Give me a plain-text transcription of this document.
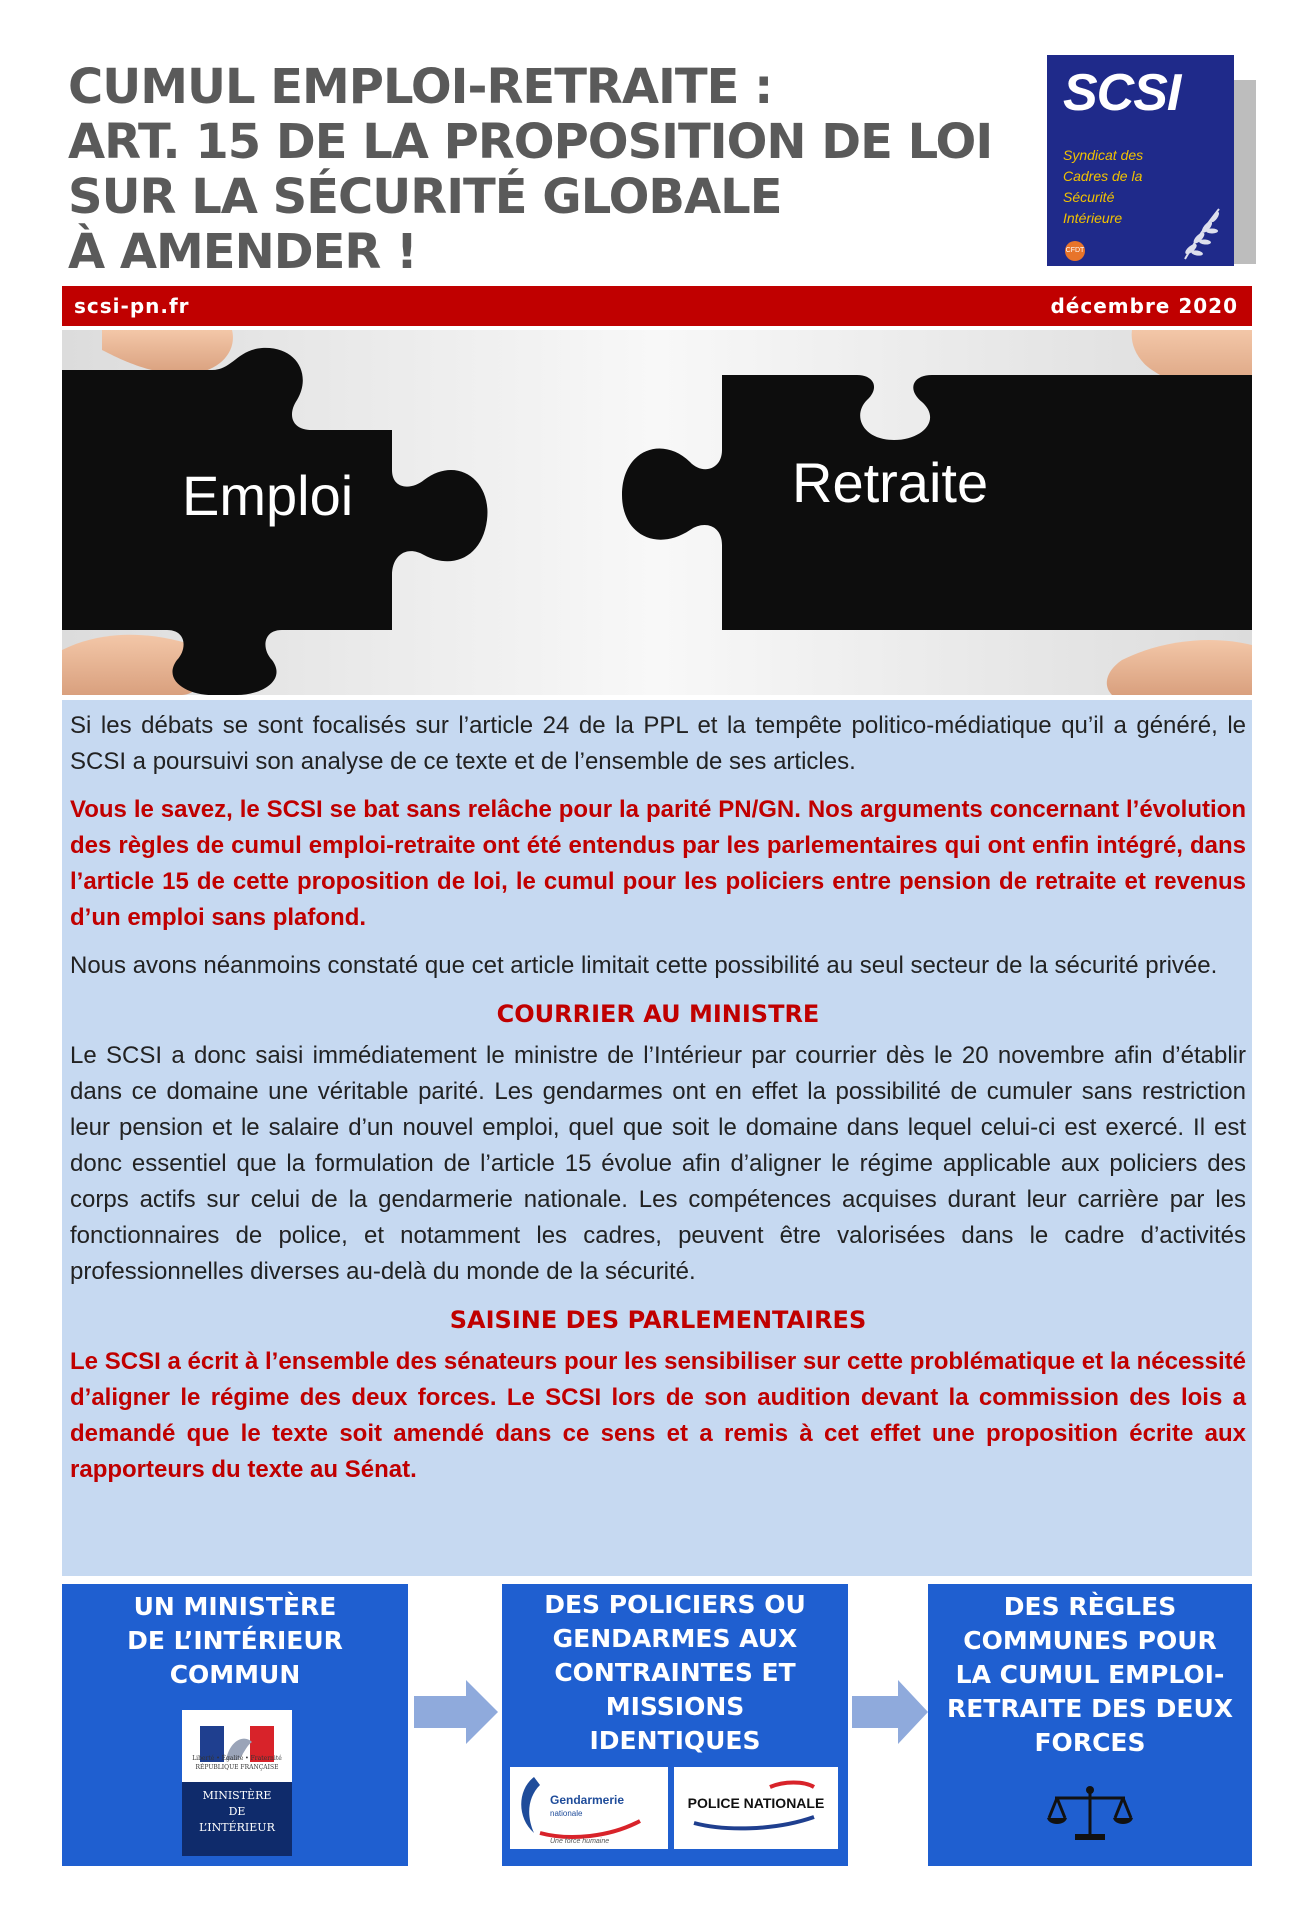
CUMUL EMPLOI-RETRAITE :
ART. 15 DE LA PROPOSITION DE LOI
SUR LA SÉCURITÉ GLOBALE
À AMENDER !
SCSI
Syndicat des
Cadres de la
Sécurité
Intérieure
CFDT
scsi-pn.fr	décembre 2020
Emploi	Retraite

Si les débats se sont focalisés sur l’article 24 de la PPL et la tempête politico-médiatique qu’il a généré, le SCSI a poursuivi son analyse de ce texte et de l’ensemble de ses articles.

Vous le savez, le SCSI se bat sans relâche pour la parité PN/GN. Nos arguments concernant l’évolution des règles de cumul emploi-retraite ont été entendus par les parlementaires qui ont enfin intégré, dans l’article 15 de cette proposition de loi, le cumul pour les policiers entre pension de retraite et revenus d’un emploi sans plafond.

Nous avons néanmoins constaté que cet article limitait cette possibilité au seul secteur de la sécurité privée.

COURRIER AU MINISTRE

Le SCSI a donc saisi immédiatement le ministre de l’Intérieur par courrier dès le 20 novembre afin d’établir dans ce domaine une véritable parité. Les gendarmes ont en effet la possibilité de cumuler sans restriction leur pension et le salaire d’un nouvel emploi, quel que soit le domaine dans lequel celui-ci est exercé. Il est donc essentiel que la formulation de l’article 15 évolue afin d’aligner le régime applicable aux policiers des corps actifs sur celui de la gendarmerie nationale. Les compétences acquises durant leur carrière par les fonctionnaires de police, et notamment les cadres, peuvent être valorisées dans le cadre d’activités professionnelles diverses au-delà du monde de la sécurité.

SAISINE DES PARLEMENTAIRES

Le SCSI a écrit à l’ensemble des sénateurs pour les sensibiliser sur cette problématique et la nécessité d’aligner le régime des deux forces. Le SCSI lors de son audition devant la commission des lois a demandé que le texte soit amendé dans ce sens et a remis à cet effet une proposition écrite aux rapporteurs du texte au Sénat.

UN MINISTÈRE
DE L’INTÉRIEUR
COMMUN
Liberté • Égalité • Fraternité
RÉPUBLIQUE FRANÇAISE
MINISTÈRE
DE
L’INTÉRIEUR
DES POLICIERS OU
GENDARMES AUX
CONTRAINTES ET
MISSIONS
IDENTIQUES
Gendarmerie
nationale
Une force humaine
POLICE NATIONALE
DES RÈGLES
COMMUNES POUR
LA CUMUL EMPLOI-
RETRAITE DES DEUX
FORCES
